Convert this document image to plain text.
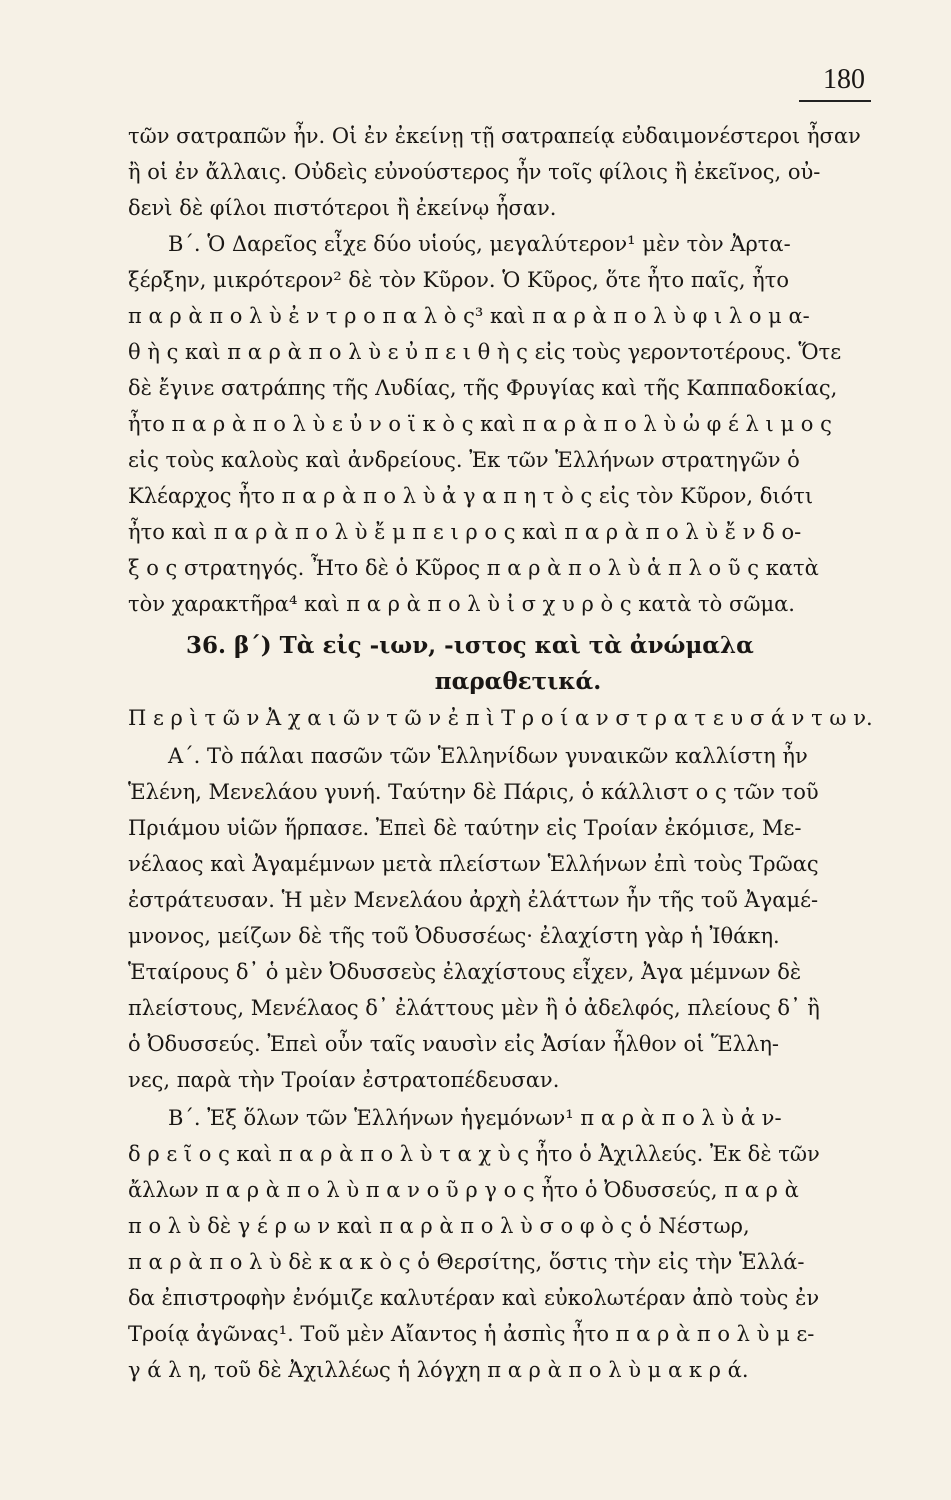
180
τῶν σατραπῶν ἦν. Οἱ ἐν ἐκείνῃ τῇ σατραπείᾳ εὐδαιμονέστεροι ἦσαν
ἢ οἱ ἐν ἄλλαις. Οὐδεὶς εὐνούστερος ἦν τοῖς φίλοις ἢ ἐκεῖνος, οὐ-
δενὶ δὲ φίλοι πιστότεροι ἢ ἐκείνῳ ἦσαν.
Β΄. Ὁ Δαρεῖος εἶχε δύο υἱούς, μεγαλύτερον¹ μὲν τὸν Ἀρτα-
ξέρξην, μικρότερον² δὲ τὸν Κῦρον. Ὁ Κῦρος, ὅτε ἦτο παῖς, ἦτο
π α ρ ὰ π ο λ ὺ ἐ ν τ ρ ο π α λ ὸ ς³ καὶ π α ρ ὰ π ο λ ὺ φ ι λ ο μ α-
θ ὴ ς καὶ π α ρ ὰ π ο λ ὺ ε ὐ π ε ι θ ὴ ς εἰς τοὺς γεροντοτέρους. Ὅτε
δὲ ἔγινε σατράπης τῆς Λυδίας, τῆς Φρυγίας καὶ τῆς Καππαδοκίας,
ἦτο π α ρ ὰ π ο λ ὺ ε ὐ ν ο ϊ κ ὸ ς καὶ π α ρ ὰ π ο λ ὺ ὠ φ έ λ ι μ ο ς
εἰς τοὺς καλοὺς καὶ ἀνδρείους. Ἐκ τῶν Ἑλλήνων στρατηγῶν ὁ
Κλέαρχος ἦτο π α ρ ὰ π ο λ ὺ ἀ γ α π η τ ὸ ς εἰς τὸν Κῦρον, διότι
ἦτο καὶ π α ρ ὰ π ο λ ὺ ἔ μ π ε ι ρ ο ς καὶ π α ρ ὰ π ο λ ὺ ἔ ν δ ο-
ξ ο ς στρατηγός. Ἦτο δὲ ὁ Κῦρος π α ρ ὰ π ο λ ὺ ἁ π λ ο ῦ ς κατὰ
τὸν χαρακτῆρα⁴ καὶ π α ρ ὰ π ο λ ὺ ἰ σ χ υ ρ ὸ ς κατὰ τὸ σῶμα.
36. β΄) Τὰ εἰς -ιων, -ιστος καὶ τὰ ἀνώμαλα
παραθετικά.
Π ε ρ ὶ τ ῶ ν Ἀ χ α ι ῶ ν τ ῶ ν ἐ π ὶ Τ ρ ο ί α ν σ τ ρ α τ ε υ σ ά ν τ ω ν.
Α΄. Τὸ πάλαι πασῶν τῶν Ἑλληνίδων γυναικῶν καλλίστη ἦν
Ἑλένη, Μενελάου γυνή. Ταύτην δὲ Πάρις, ὁ κάλλιστ ο ς τῶν τοῦ
Πριάμου υἱῶν ἥρπασε. Ἐπεὶ δὲ ταύτην εἰς Τροίαν ἐκόμισε, Με-
νέλαος καὶ Ἀγαμέμνων μετὰ πλείστων Ἑλλήνων ἐπὶ τοὺς Τρῶας
ἐστράτευσαν. Ἡ μὲν Μενελάου ἀρχὴ ἐλάττων ἦν τῆς τοῦ Ἀγαμέ-
μνονος, μείζων δὲ τῆς τοῦ Ὀδυσσέως· ἐλαχίστη γὰρ ἡ Ἰθάκη.
Ἑταίρους δ᾽ ὁ μὲν Ὀδυσσεὺς ἐλαχίστους εἶχεν, Ἀγα μέμνων δὲ
πλείστους, Μενέλαος δ᾽ ἐλάττους μὲν ἢ ὁ ἀδελφός, πλείους δ᾽ ἢ
ὁ Ὀδυσσεύς. Ἐπεὶ οὖν ταῖς ναυσὶν εἰς Ἀσίαν ἦλθον οἱ Ἕλλη-
νες, παρὰ τὴν Τροίαν ἐστρατοπέδευσαν.
Β΄. Ἐξ ὅλων τῶν Ἑλλήνων ἡγεμόνων¹ π α ρ ὰ π ο λ ὺ ἀ ν-
δ ρ ε ῖ ο ς καὶ π α ρ ὰ π ο λ ὺ τ α χ ὺ ς ἦτο ὁ Ἀχιλλεύς. Ἐκ δὲ τῶν
ἄλλων π α ρ ὰ π ο λ ὺ π α ν ο ῦ ρ γ ο ς ἦτο ὁ Ὀδυσσεύς, π α ρ ὰ
π ο λ ὺ δὲ γ έ ρ ω ν καὶ π α ρ ὰ π ο λ ὺ σ ο φ ὸ ς ὁ Νέστωρ,
π α ρ ὰ π ο λ ὺ δὲ κ α κ ὸ ς ὁ Θερσίτης, ὅστις τὴν εἰς τὴν Ἑλλά-
δα ἐπιστροφὴν ἐνόμιζε καλυτέραν καὶ εὐκολωτέραν ἀπὸ τοὺς ἐν
Τροίᾳ ἀγῶνας¹. Τοῦ μὲν Αἴαντος ἡ ἀσπὶς ἦτο π α ρ ὰ π ο λ ὺ μ ε-
γ ά λ η, τοῦ δὲ Ἀχιλλέως ἡ λόγχη π α ρ ὰ π ο λ ὺ μ α κ ρ ά.
